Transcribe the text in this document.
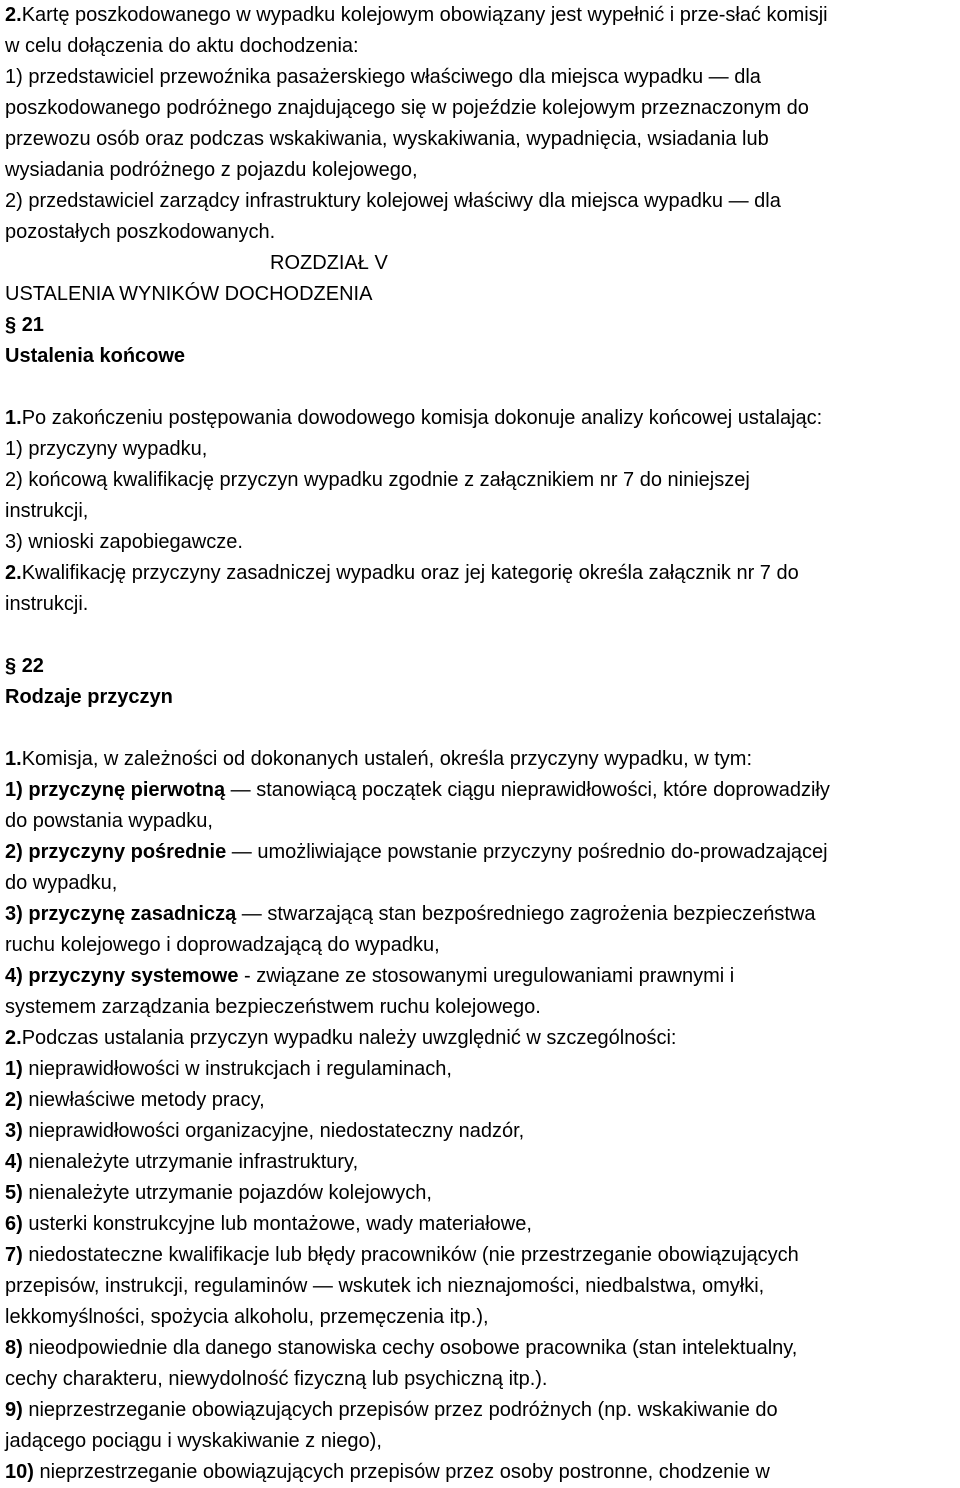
2.Kartę poszkodowanego w wypadku kolejowym obowiązany jest wypełnić i prze-słać komisji
w celu dołączenia do aktu dochodzenia:
1) przedstawiciel przewoźnika pasażerskiego właściwego dla miejsca wypadku — dla
poszkodowanego podróżnego znajdującego się w pojeździe kolejowym przeznaczonym do
przewozu osób oraz podczas wskakiwania, wyskakiwania, wypadnięcia, wsiadania lub
wysiadania podróżnego z pojazdu kolejowego,
2) przedstawiciel zarządcy infrastruktury kolejowej właściwy dla miejsca wypadku — dla
pozostałych poszkodowanych.
ROZDZIAŁ V
USTALENIA WYNIKÓW DOCHODZENIA
§ 21
Ustalenia końcowe
1.Po zakończeniu postępowania dowodowego komisja dokonuje analizy końcowej ustalając:
1) przyczyny wypadku,
2) końcową kwalifikację przyczyn wypadku zgodnie z załącznikiem nr 7 do niniejszej
instrukcji,
3) wnioski zapobiegawcze.
2.Kwalifikację przyczyny zasadniczej wypadku oraz jej kategorię określa załącznik nr 7 do
instrukcji.
§ 22
Rodzaje przyczyn
1.Komisja, w zależności od dokonanych ustaleń, określa przyczyny wypadku, w tym:
1) przyczynę pierwotną — stanowiącą początek ciągu nieprawidłowości, które doprowadziły
do powstania wypadku,
2) przyczyny pośrednie — umożliwiające powstanie przyczyny pośrednio do-prowadzającej
do wypadku,
3) przyczynę zasadniczą — stwarzającą stan bezpośredniego zagrożenia bezpieczeństwa
ruchu kolejowego i doprowadzającą do wypadku,
4) przyczyny systemowe - związane ze stosowanymi uregulowaniami prawnymi i
systemem zarządzania bezpieczeństwem ruchu kolejowego.
2.Podczas ustalania przyczyn wypadku należy uwzględnić w szczególności:
1) nieprawidłowości w instrukcjach i regulaminach,
2) niewłaściwe metody pracy,
3) nieprawidłowości organizacyjne, niedostateczny nadzór,
4) nienależyte utrzymanie infrastruktury,
5) nienależyte utrzymanie pojazdów kolejowych,
6) usterki konstrukcyjne lub montażowe, wady materiałowe,
7) niedostateczne kwalifikacje lub błędy pracowników (nie przestrzeganie obowiązujących
przepisów, instrukcji, regulaminów — wskutek ich nieznajomości, niedbalstwa, omyłki,
lekkomyślności, spożycia alkoholu, przemęczenia itp.),
8) nieodpowiednie dla danego stanowiska cechy osobowe pracownika (stan intelektualny,
cechy charakteru, niewydolność fizyczną lub psychiczną itp.).
9) nieprzestrzeganie obowiązujących przepisów przez podróżnych (np. wskakiwanie do
jadącego pociągu i wyskakiwanie z niego),
10) nieprzestrzeganie obowiązujących przepisów przez osoby postronne, chodzenie w
